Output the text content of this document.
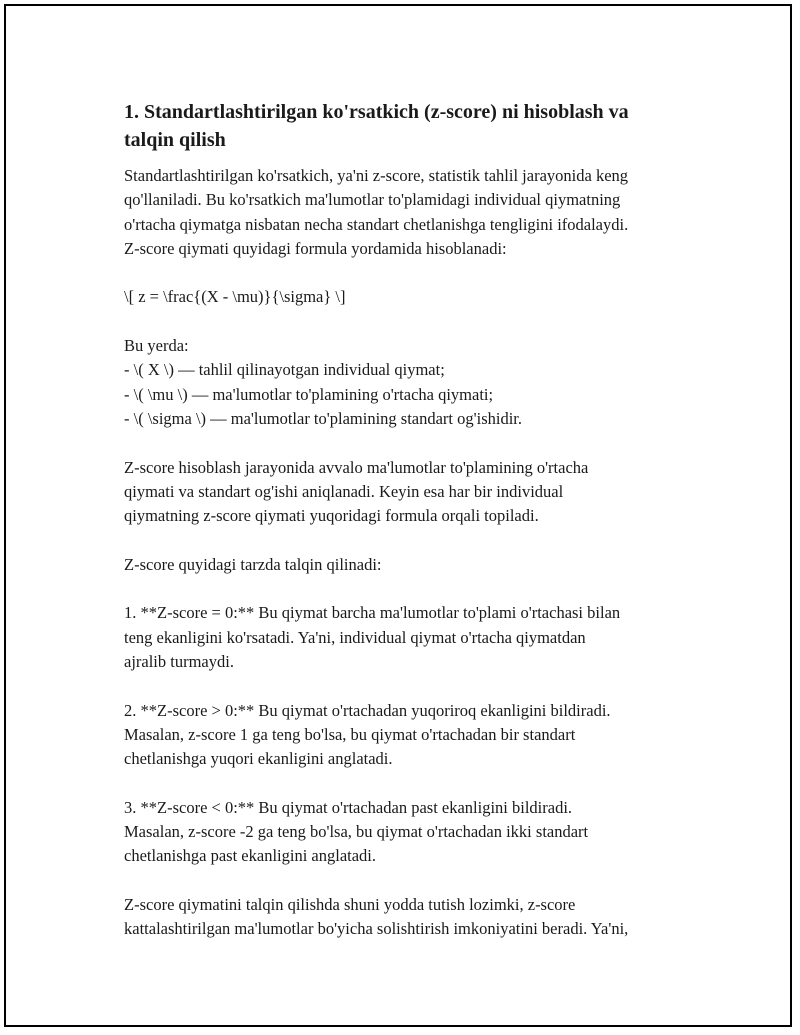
1. Standartlashtirilgan ko'rsatkich (z-score) ni hisoblash va
talqin qilish
Standartlashtirilgan ko'rsatkich, ya'ni z-score, statistik tahlil jarayonida keng
qo'llaniladi. Bu ko'rsatkich ma'lumotlar to'plamidagi individual qiymatning
o'rtacha qiymatga nisbatan necha standart chetlanishga tengligini ifodalaydi.
Z-score qiymati quyidagi formula yordamida hisoblanadi:
\[ z = \frac{(X - \mu)}{\sigma} \]
Bu yerda:
- \( X \) — tahlil qilinayotgan individual qiymat;
- \( \mu \) — ma'lumotlar to'plamining o'rtacha qiymati;
- \( \sigma \) — ma'lumotlar to'plamining standart og'ishidir.
Z-score hisoblash jarayonida avvalo ma'lumotlar to'plamining o'rtacha
qiymati va standart og'ishi aniqlanadi. Keyin esa har bir individual
qiymatning z-score qiymati yuqoridagi formula orqali topiladi.
Z-score quyidagi tarzda talqin qilinadi:
1. **Z-score = 0:** Bu qiymat barcha ma'lumotlar to'plami o'rtachasi bilan
teng ekanligini ko'rsatadi. Ya'ni, individual qiymat o'rtacha qiymatdan
ajralib turmaydi.
2. **Z-score > 0:** Bu qiymat o'rtachadan yuqoriroq ekanligini bildiradi.
Masalan, z-score 1 ga teng bo'lsa, bu qiymat o'rtachadan bir standart
chetlanishga yuqori ekanligini anglatadi.
3. **Z-score < 0:** Bu qiymat o'rtachadan past ekanligini bildiradi.
Masalan, z-score -2 ga teng bo'lsa, bu qiymat o'rtachadan ikki standart
chetlanishga past ekanligini anglatadi.
Z-score qiymatini talqin qilishda shuni yodda tutish lozimki, z-score
kattalashtirilgan ma'lumotlar bo'yicha solishtirish imkoniyatini beradi. Ya'ni,
